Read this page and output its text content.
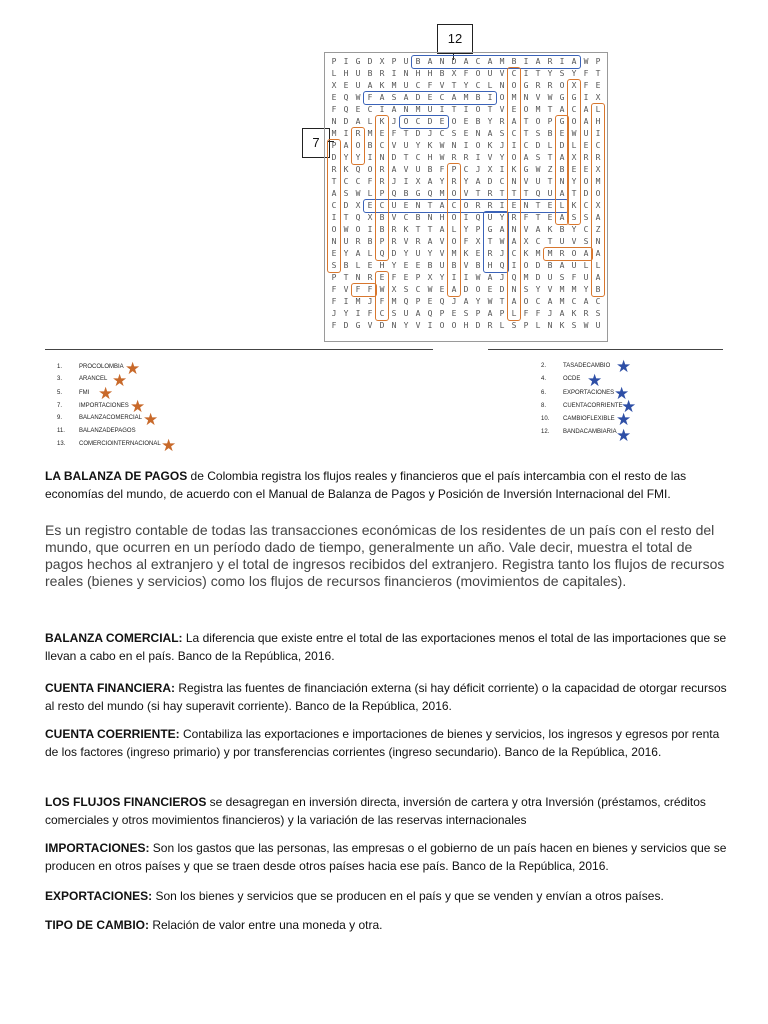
12
7
P I G D X P U B A N D A C A M B I A R I A W P
L H U B R I N H H B X F O U V C I T Y S Y F T
X E U A K M U C F V T Y C L N O G R R O X F E
E Q W F A S A D E C A M B I O M N V W G G I X
F Q E C I A N M U I T I O T V E O M T A C A L
N D A L K J O C D E O E B Y R A T O P G O A H
M I R M E F T D J C S E N A S C T S B E W U I
P A O B C V U Y K W N I O K J I C D L D L E C
D Y Y I N D T C H W R R I V Y O A S T A X R R
R K Q O R A V U B F P C J X I K G W Z B E E X
T C C F R J I X A Y R Y A D C N V U T N Y O M
A S W L P Q B G Q M O V T R T T T Q U A T D O
C D X E C U E N T A C O R R I E N T E L K C X
I T Q X B V C B N H O I Q U Y R F T E A S S A
O W O I B R K T T A L Y P G A N V A K B Y C Z
N U R B P R V R A V O F X T W A X C T U V S N
E Y A L Q D Y U Y V M K E R J C K M M R O A A
S B L E H Y E E B U B V B H Q I O D B A U L L
P T N R E F E P X Y I I W A J Q M D U S F U A
F V F F W X S C W E A D O E D N S Y V M M Y B
F I M J F M Q P E Q J A Y W T A O C A M C A C
J Y I F C S U A Q P E S P A P L F F J A K R S
F D G V D N Y V I O O H D R L S P L N K S W U
1.	PROCOLOMBIA
3.	ARANCEL
5.	FMI
7.	IMPORTACIONES
9.	BALANZACOMERCIAL
11. BALANZADEPAGOS
13. COMERCIOINTERNACIONAL
★
★
★
★
★
★
2.	TASADECAMBIO
4.	OCDE
6.	EXPORTACIONES
8.	CUENTACORRIENTE
10. CAMBIOFLEXIBLE
12. BANDACAMBIARIA
★
★
★
★
★
★

LA BALANZA DE PAGOS de Colombia registra los flujos reales y financieros que el país intercambia con el resto de las economías del mundo, de acuerdo con el Manual de Balanza de Pagos y Posición de Inversión Internacional del FMI.

Es un registro contable de todas las transacciones económicas de los residentes de un país con el resto del mundo, que ocurren en un período dado de tiempo, generalmente un año. Vale decir, muestra el total de pagos hechos al extranjero y el total de ingresos recibidos del extranjero. Registra tanto los flujos de recursos reales (bienes y servicios) como los flujos de recursos financieros (movimientos de capitales).

BALANZA COMERCIAL: La diferencia que existe entre el total de las exportaciones menos el total de las importaciones que se llevan a cabo en el país. Banco de la República, 2016.

CUENTA FINANCIERA: Registra las fuentes de financiación externa (si hay déficit corriente) o la capacidad de otorgar recursos al resto del mundo (si hay superavit corriente). Banco de la República, 2016.

CUENTA COERRIENTE: Contabiliza las exportaciones e importaciones de bienes y servicios, los ingresos y egresos por renta de los factores (ingreso primario) y por transferencias corrientes (ingreso secundario). Banco de la República, 2016.

LOS FLUJOS FINANCIEROS se desagregan en inversión directa, inversión de cartera y otra Inversión (préstamos, créditos comerciales y otros movimientos financieros) y la variación de las reservas internacionales

IMPORTACIONES: Son los gastos que las personas, las empresas o el gobierno de un país hacen en bienes y servicios que se producen en otros países y que se traen desde otros países hacia ese país. Banco de la República, 2016.

EXPORTACIONES: Son los bienes y servicios que se producen en el país y que se venden y envían a otros países.

TIPO DE CAMBIO: Relación de valor entre una moneda y otra.
